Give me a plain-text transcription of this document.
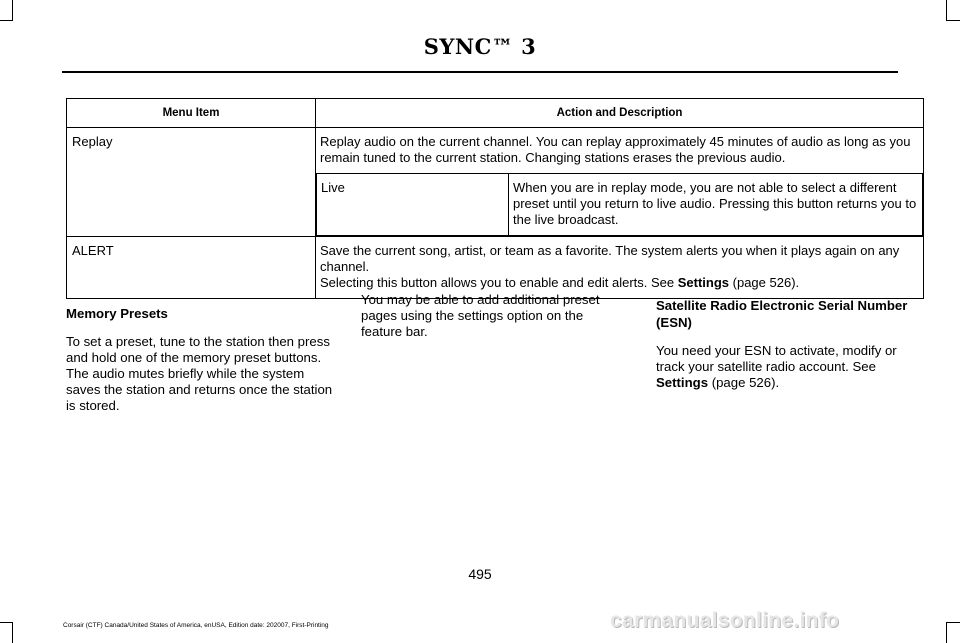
SYNC™ 3
Menu Item	Action and Description
Replay	Replay audio on the current channel. You can replay approximately 45 minutes of audio as long as you remain tuned to the current station. Changing stations erases the previous audio.
Live	When you are in replay mode, you are not able to select a different preset until you return to live audio. Pressing this button returns you to the live broadcast.

ALERT	Save the current song, artist, or team as a favorite. The system alerts you when it plays again on any channel.
Selecting this button allows you to enable and edit alerts. See Settings (page 526).
Memory Presets

To set a preset, tune to the station then press and hold one of the memory preset buttons. The audio mutes briefly while the system saves the station and returns once the station is stored.

You may be able to add additional preset pages using the settings option on the feature bar.

Satellite Radio Electronic Serial Number (ESN)

You need your ESN to activate, modify or track your satellite radio account. See Settings (page 526).

495
Corsair (CTF) Canada/United States of America, enUSA, Edition date: 202007, First-Printing	carmanualsonline.info
